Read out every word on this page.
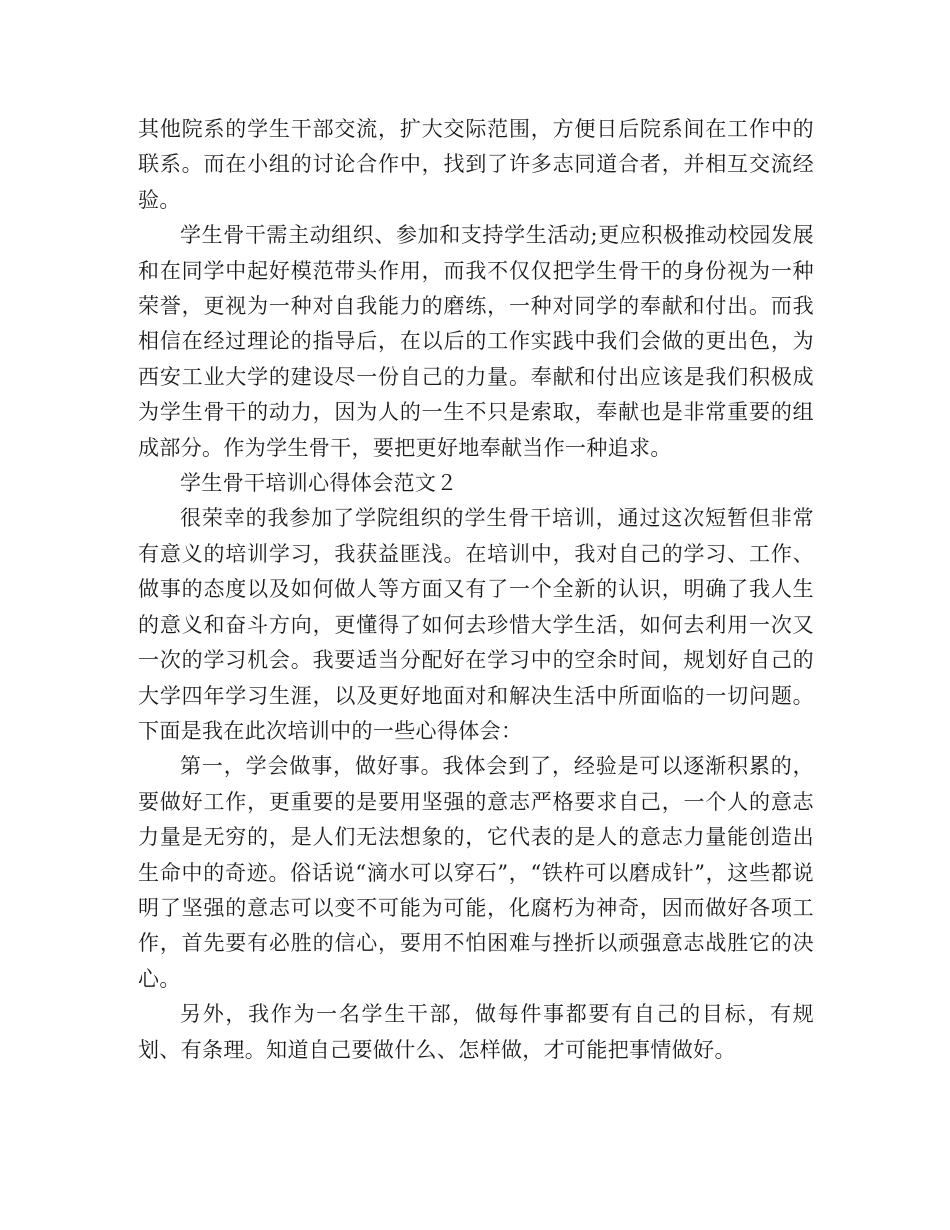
其他院系的学生干部交流，扩大交际范围，方便日后院系间在工作中的联系。而在小组的讨论合作中，找到了许多志同道合者，并相互交流经验。

学生骨干需主动组织、参加和支持学生活动;更应积极推动校园发展和在同学中起好模范带头作用，而我不仅仅把学生骨干的身份视为一种荣誉，更视为一种对自我能力的磨练，一种对同学的奉献和付出。而我相信在经过理论的指导后，在以后的工作实践中我们会做的更出色，为西安工业大学的建设尽一份自己的力量。奉献和付出应该是我们积极成为学生骨干的动力，因为人的一生不只是索取，奉献也是非常重要的组成部分。作为学生骨干，要把更好地奉献当作一种追求。

学生骨干培训心得体会范文２

很荣幸的我参加了学院组织的学生骨干培训，通过这次短暂但非常有意义的培训学习，我获益匪浅。在培训中，我对自己的学习、工作、做事的态度以及如何做人等方面又有了一个全新的认识，明确了我人生的意义和奋斗方向，更懂得了如何去珍惜大学生活，如何去利用一次又一次的学习机会。我要适当分配好在学习中的空余时间，规划好自己的大学四年学习生涯，以及更好地面对和解决生活中所面临的一切问题。下面是我在此次培训中的一些心得体会：

第一，学会做事，做好事。我体会到了，经验是可以逐渐积累的，要做好工作，更重要的是要用坚强的意志严格要求自己，一个人的意志力量是无穷的，是人们无法想象的，它代表的是人的意志力量能创造出生命中的奇迹。俗话说“滴水可以穿石”，“铁杵可以磨成针”，这些都说明了坚强的意志可以变不可能为可能，化腐朽为神奇，因而做好各项工作，首先要有必胜的信心，要用不怕困难与挫折以顽强意志战胜它的决心。

另外，我作为一名学生干部，做每件事都要有自己的目标，有规划、有条理。知道自己要做什么、怎样做，才可能把事情做好。
